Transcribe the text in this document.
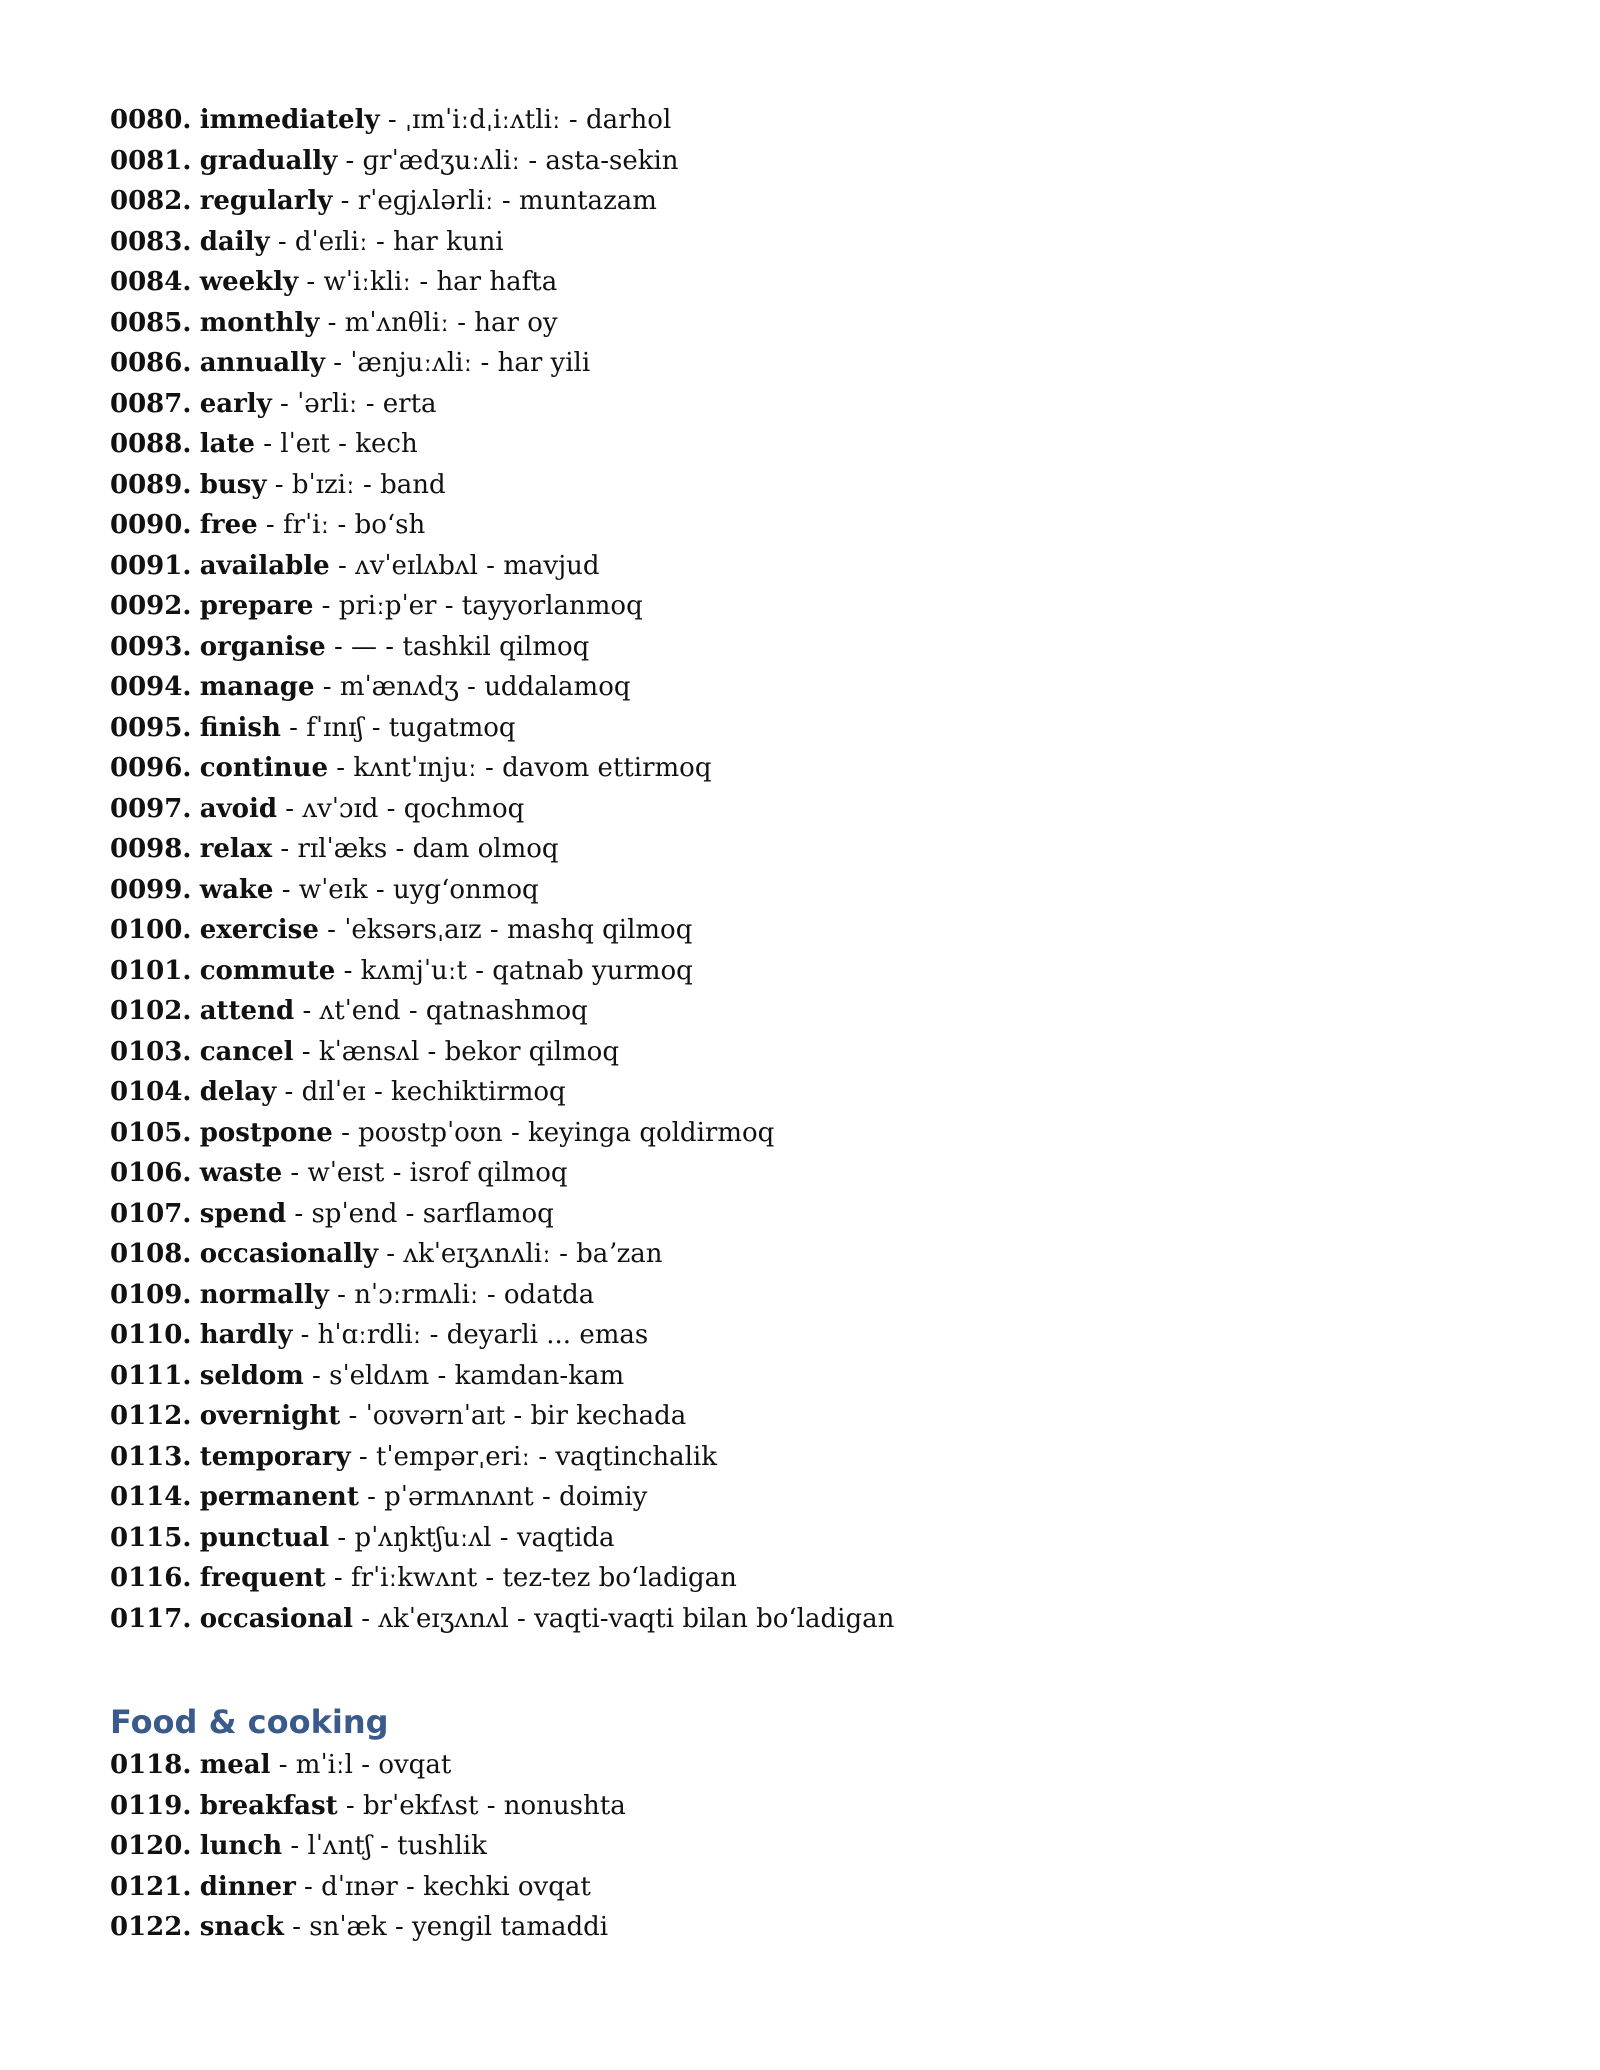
0080. immediately - ˌɪmˈiːdˌiːʌtliː - darhol
0081. gradually - ɡrˈædʒuːʌliː - asta-sekin
0082. regularly - rˈeɡjʌlərliː - muntazam
0083. daily - dˈeɪliː - har kuni
0084. weekly - wˈiːkliː - har hafta
0085. monthly - mˈʌnθliː - har oy
0086. annually - ˈænjuːʌliː - har yili
0087. early - ˈərliː - erta
0088. late - lˈeɪt - kech
0089. busy - bˈɪziː - band
0090. free - frˈiː - boʻsh
0091. available - ʌvˈeɪlʌbʌl - mavjud
0092. prepare - priːpˈer - tayyorlanmoq
0093. organise - — - tashkil qilmoq
0094. manage - mˈænʌdʒ - uddalamoq
0095. finish - fˈɪnɪʃ - tugatmoq
0096. continue - kʌntˈɪnjuː - davom ettirmoq
0097. avoid - ʌvˈɔɪd - qochmoq
0098. relax - rɪlˈæks - dam olmoq
0099. wake - wˈeɪk - uygʻonmoq
0100. exercise - ˈeksərsˌaɪz - mashq qilmoq
0101. commute - kʌmjˈuːt - qatnab yurmoq
0102. attend - ʌtˈend - qatnashmoq
0103. cancel - kˈænsʌl - bekor qilmoq
0104. delay - dɪlˈeɪ - kechiktirmoq
0105. postpone - poʊstpˈoʊn - keyinga qoldirmoq
0106. waste - wˈeɪst - isrof qilmoq
0107. spend - spˈend - sarflamoq
0108. occasionally - ʌkˈeɪʒʌnʌliː - baʼzan
0109. normally - nˈɔːrmʌliː - odatda
0110. hardly - hˈɑːrdliː - deyarli ... emas
0111. seldom - sˈeldʌm - kamdan-kam
0112. overnight - ˈoʊvərnˈaɪt - bir kechada
0113. temporary - tˈempərˌeriː - vaqtinchalik
0114. permanent - pˈərmʌnʌnt - doimiy
0115. punctual - pˈʌŋktʃuːʌl - vaqtida
0116. frequent - frˈiːkwʌnt - tez-tez boʻladigan
0117. occasional - ʌkˈeɪʒʌnʌl - vaqti-vaqti bilan boʻladigan
Food & cooking
0118. meal - mˈiːl - ovqat
0119. breakfast - brˈekfʌst - nonushta
0120. lunch - lˈʌntʃ - tushlik
0121. dinner - dˈɪnər - kechki ovqat
0122. snack - snˈæk - yengil tamaddi
